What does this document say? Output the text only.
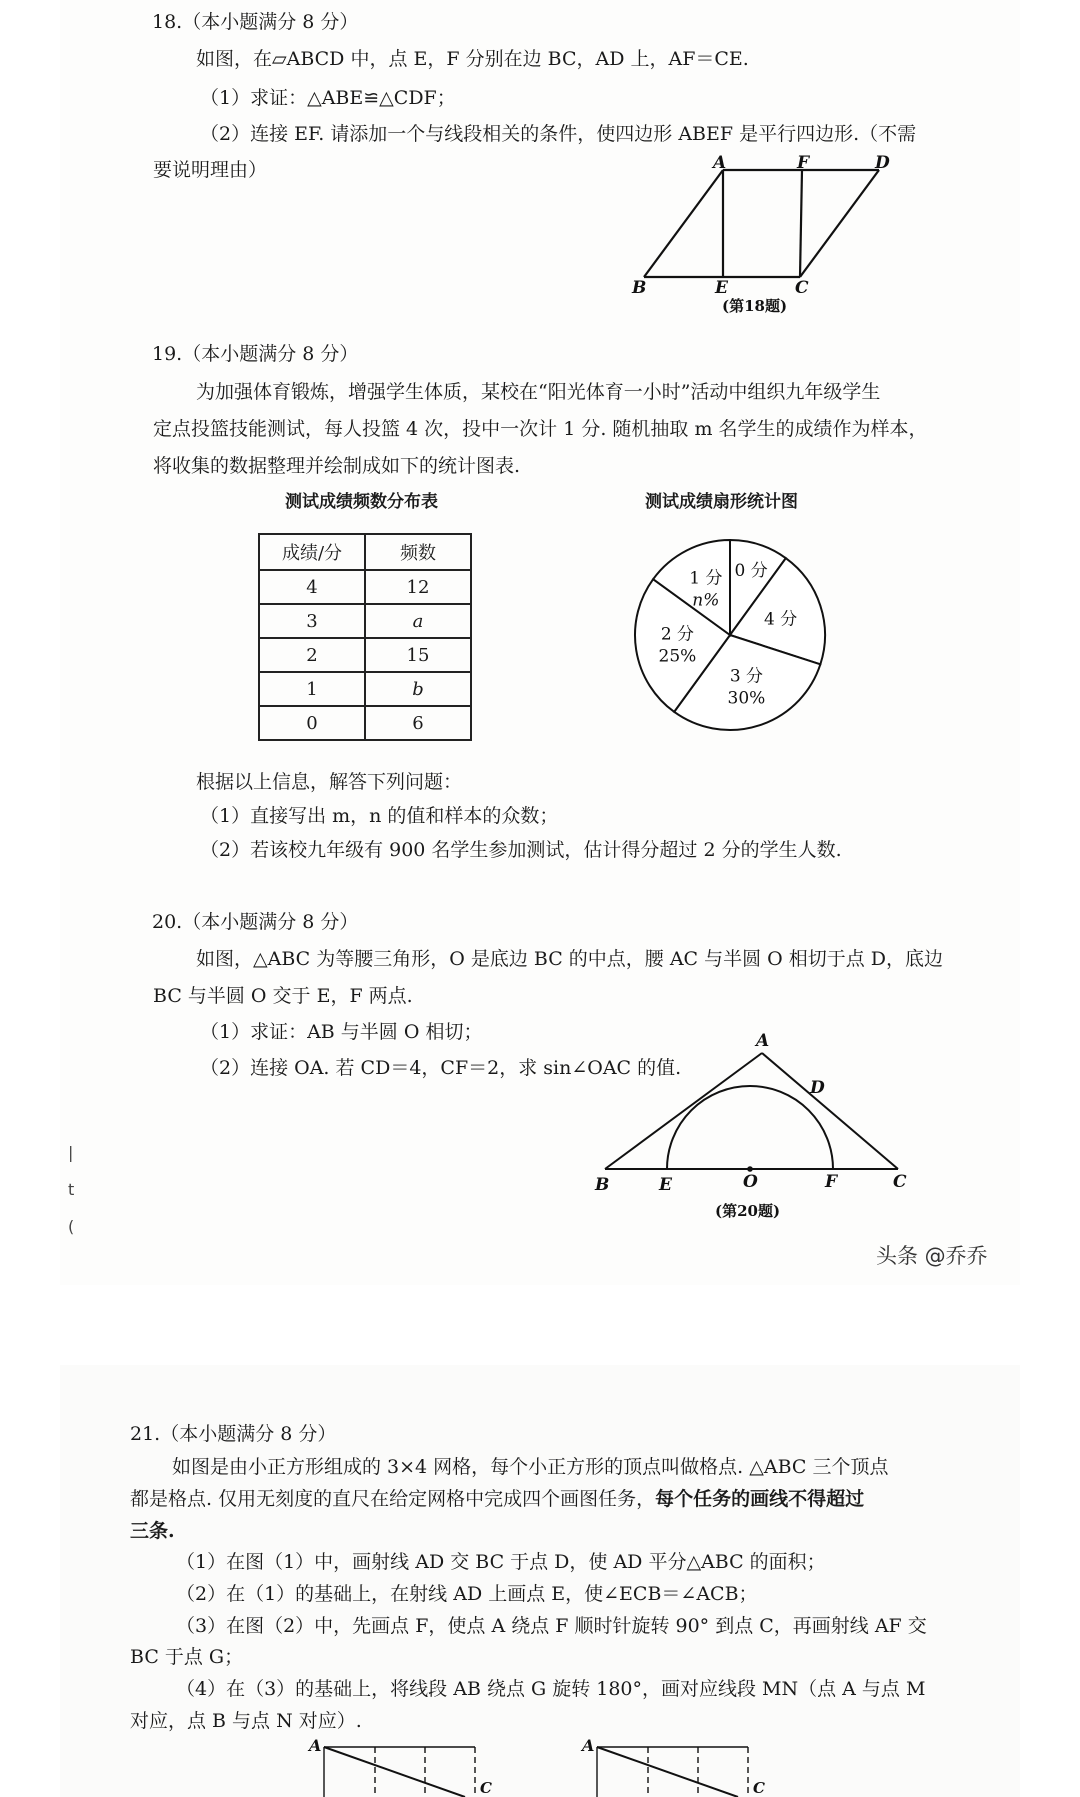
18.（本小题满分 8 分）
如图，在▱ABCD 中，点 E，F 分别在边 BC，AD 上，AF＝CE.
（1）求证：△ABE≌△CDF；
（2）连接 EF. 请添加一个与线段相关的条件，使四边形 ABEF 是平行四边形.（不需
要说明理由）	A	F	D
B	E	C
(第18题)
19.（本小题满分 8 分）
为加强体育锻炼，增强学生体质，某校在“阳光体育一小时”活动中组织九年级学生
定点投篮技能测试，每人投篮 4 次，投中一次计 1 分. 随机抽取 m 名学生的成绩作为样本，
将收集的数据整理并绘制成如下的统计图表.
测试成绩频数分布表	测试成绩扇形统计图
成绩/分	频数
4	12
3	a
2	15
1	b
0	6
0 分
4 分
3 分
30%
2 分
25%
1 分
n%
根据以上信息，解答下列问题：
（1）直接写出 m，n 的值和样本的众数；
（2）若该校九年级有 900 名学生参加测试，估计得分超过 2 分的学生人数.
20.（本小题满分 8 分）
如图，△ABC 为等腰三角形，O 是底边 BC 的中点，腰 AC 与半圆 O 相切于点 D，底边
BC 与半圆 O 交于 E，F 两点.
（1）求证：AB 与半圆 O 相切；
（2）连接 OA. 若 CD＝4，CF＝2，求 sin∠OAC 的值.
A
D
B	E	O	F	C
(第20题)
|
t
(
头条 @乔乔
21.（本小题满分 8 分）
如图是由小正方形组成的 3×4 网格，每个小正方形的顶点叫做格点. △ABC 三个顶点
都是格点. 仅用无刻度的直尺在给定网格中完成四个画图任务，每个任务的画线不得超过
三条.
（1）在图（1）中，画射线 AD 交 BC 于点 D，使 AD 平分△ABC 的面积；
（2）在（1）的基础上，在射线 AD 上画点 E，使∠ECB＝∠ACB；
（3）在图（2）中，先画点 F，使点 A 绕点 F 顺时针旋转 90° 到点 C，再画射线 AF 交
BC 于点 G；
（4）在（3）的基础上，将线段 AB 绕点 G 旋转 180°，画对应线段 MN（点 A 与点 M
对应，点 B 与点 N 对应）.
A
C
A
C
